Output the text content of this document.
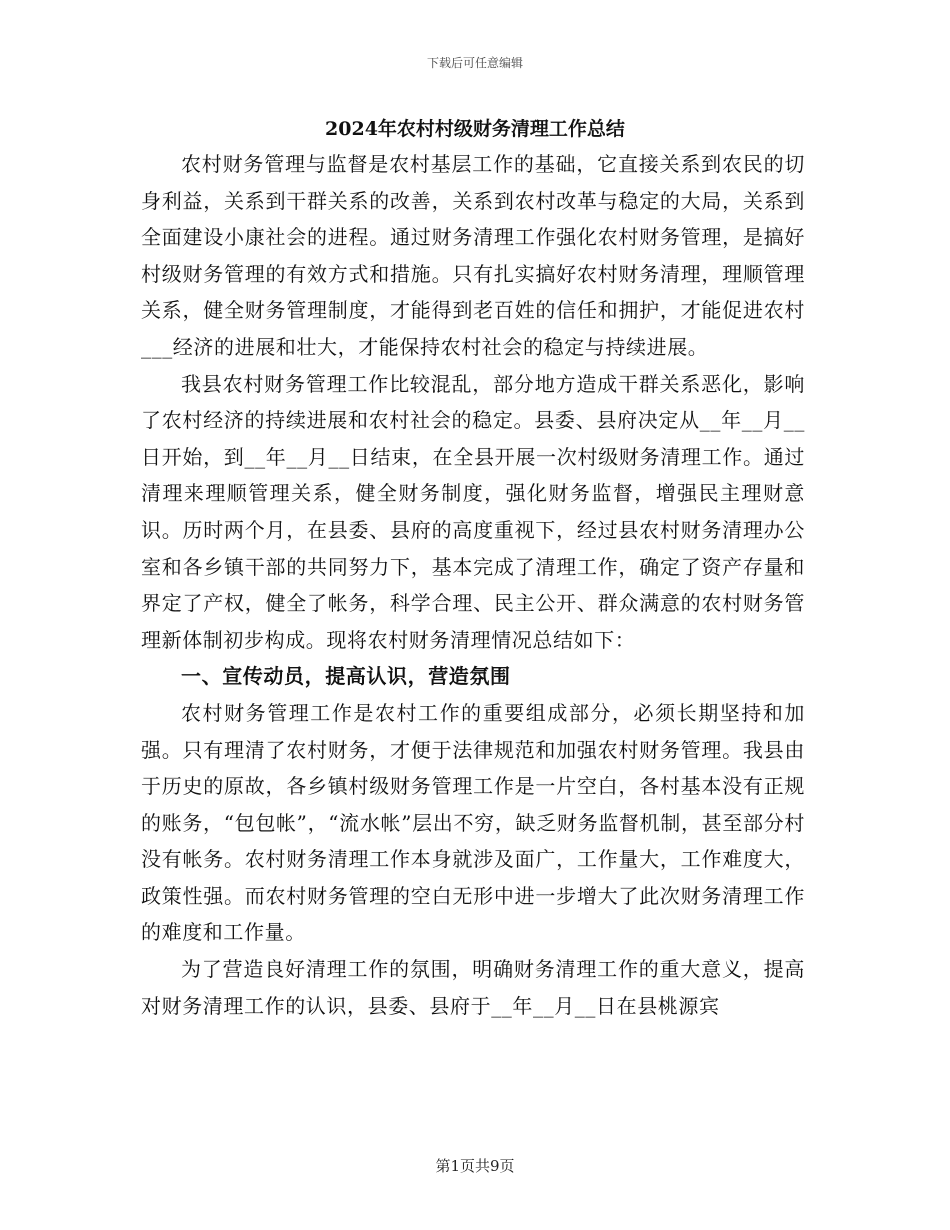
下载后可任意编辑
2024年农村村级财务清理工作总结

农村财务管理与监督是农村基层工作的基础，它直接关系到农民的切身利益，关系到干群关系的改善，关系到农村改革与稳定的大局，关系到全面建设小康社会的进程。通过财务清理工作强化农村财务管理，是搞好村级财务管理的有效方式和措施。只有扎实搞好农村财务清理，理顺管理关系，健全财务管理制度，才能得到老百姓的信任和拥护，才能促进农村___经济的进展和壮大，才能保持农村社会的稳定与持续进展。

我县农村财务管理工作比较混乱，部分地方造成干群关系恶化，影响了农村经济的持续进展和农村社会的稳定。县委、县府决定从__年__月__日开始，到__年__月__日结束，在全县开展一次村级财务清理工作。通过清理来理顺管理关系，健全财务制度，强化财务监督，增强民主理财意识。历时两个月，在县委、县府的高度重视下，经过县农村财务清理办公室和各乡镇干部的共同努力下，基本完成了清理工作，确定了资产存量和界定了产权，健全了帐务，科学合理、民主公开、群众满意的农村财务管理新体制初步构成。现将农村财务清理情况总结如下：

一、宣传动员，提高认识，营造氛围

农村财务管理工作是农村工作的重要组成部分，必须长期坚持和加强。只有理清了农村财务，才便于法律规范和加强农村财务管理。我县由于历史的原故，各乡镇村级财务管理工作是一片空白，各村基本没有正规的账务，“包包帐”，“流水帐”层出不穷，缺乏财务监督机制，甚至部分村没有帐务。农村财务清理工作本身就涉及面广，工作量大，工作难度大，政策性强。而农村财务管理的空白无形中进一步增大了此次财务清理工作的难度和工作量。

为了营造良好清理工作的氛围，明确财务清理工作的重大意义，提高对财务清理工作的认识，县委、县府于__年__月__日在县桃源宾

第1页共9页
